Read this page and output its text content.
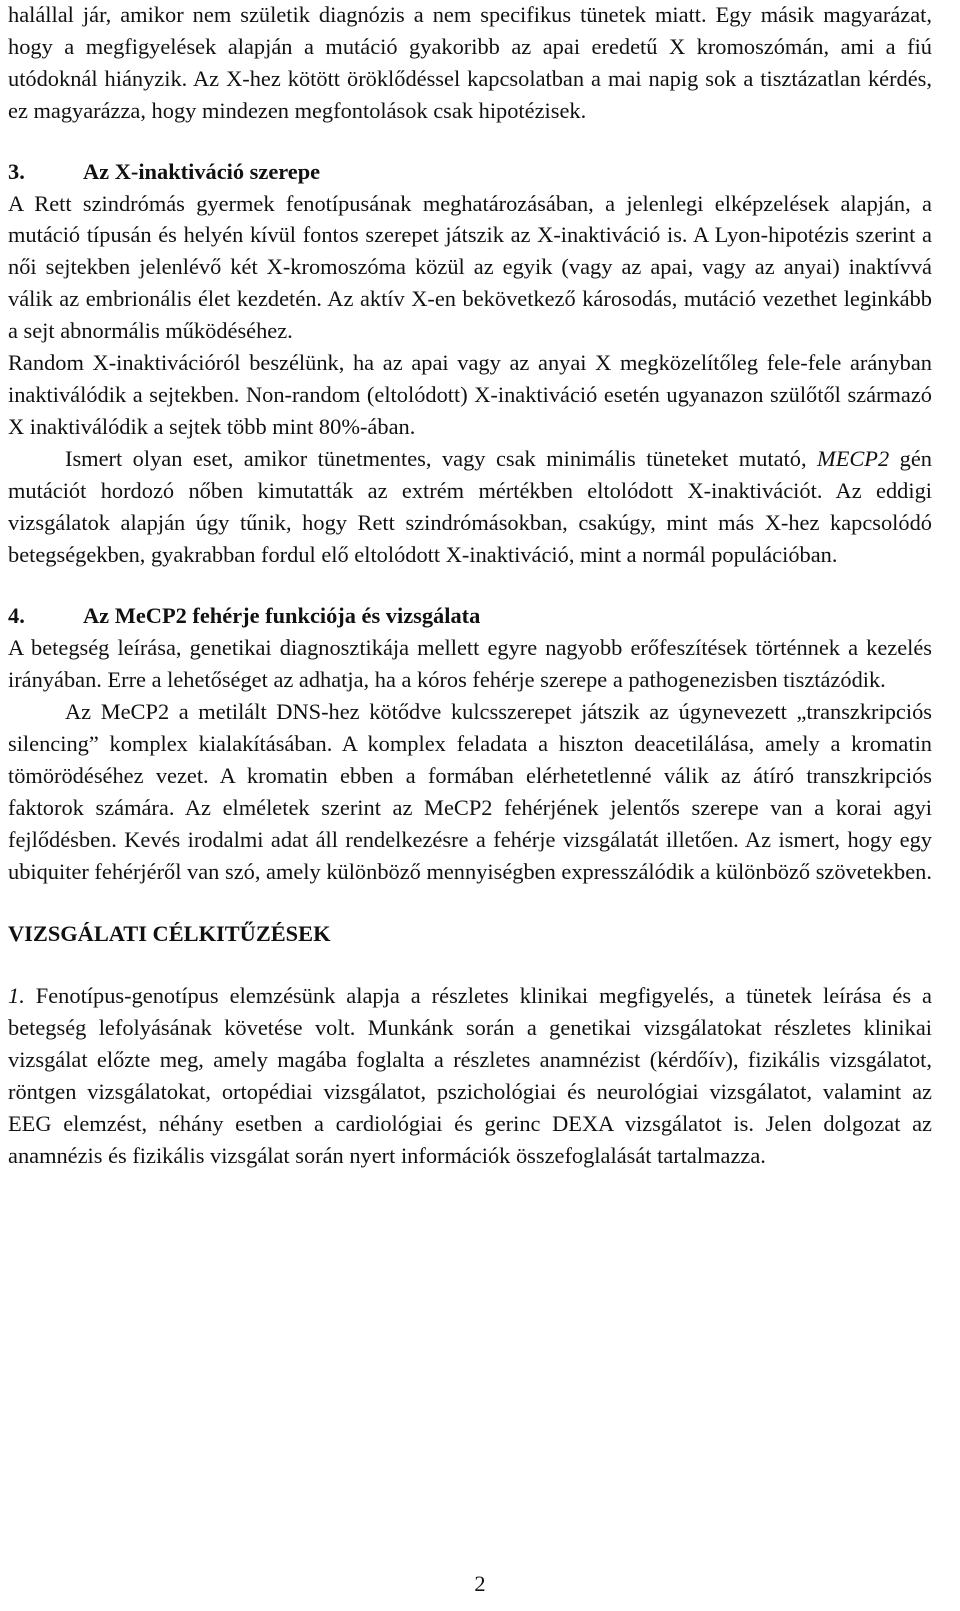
halállal jár, amikor nem születik diagnózis a nem specifikus tünetek miatt. Egy másik magyarázat, hogy a megfigyelések alapján a mutáció gyakoribb az apai eredetű X kromoszómán, ami a fiú utódoknál hiányzik. Az X-hez kötött öröklődéssel kapcsolatban a mai napig sok a tisztázatlan kérdés, ez magyarázza, hogy mindezen megfontolások csak hipotézisek.

3.	Az X-inaktiváció szerepe

A Rett szindrómás gyermek fenotípusának meghatározásában, a jelenlegi elképzelések alapján, a mutáció típusán és helyén kívül fontos szerepet játszik az X-inaktiváció is. A Lyon-hipotézis szerint a női sejtekben jelenlévő két X-kromoszóma közül az egyik (vagy az apai, vagy az anyai) inaktívvá válik az embrionális élet kezdetén. Az aktív X-en bekövetkező károsodás, mutáció vezethet leginkább a sejt abnormális működéséhez.

Random X-inaktivációról beszélünk, ha az apai vagy az anyai X megközelítőleg fele-fele arányban inaktiválódik a sejtekben. Non-random (eltolódott) X-inaktiváció esetén ugyanazon szülőtől származó X inaktiválódik a sejtek több mint 80%-ában.

Ismert olyan eset, amikor tünetmentes, vagy csak minimális tüneteket mutató, MECP2 gén mutációt hordozó nőben kimutatták az extrém mértékben eltolódott X-inaktivációt. Az eddigi vizsgálatok alapján úgy tűnik, hogy Rett szindrómásokban, csakúgy, mint más X-hez kapcsolódó betegségekben, gyakrabban fordul elő eltolódott X-inaktiváció, mint a normál populációban.

4.	Az MeCP2 fehérje funkciója és vizsgálata

A betegség leírása, genetikai diagnosztikája mellett egyre nagyobb erőfeszítések történnek a kezelés irányában. Erre a lehetőséget az adhatja, ha a kóros fehérje szerepe a pathogenezisben tisztázódik.

Az MeCP2 a metilált DNS-hez kötődve kulcsszerepet játszik az úgynevezett „transzkripciós silencing” komplex kialakításában. A komplex feladata a hiszton deacetilálása, amely a kromatin tömörödéséhez vezet. A kromatin ebben a formában elérhetetlenné válik az átíró transzkripciós faktorok számára. Az elméletek szerint az MeCP2 fehérjének jelentős szerepe van a korai agyi fejlődésben. Kevés irodalmi adat áll rendelkezésre a fehérje vizsgálatát illetően. Az ismert, hogy egy ubiquiter fehérjéről van szó, amely különböző mennyiségben expresszálódik a különböző szövetekben.

VIZSGÁLATI CÉLKITŰZÉSEK

1. Fenotípus-genotípus elemzésünk alapja a részletes klinikai megfigyelés, a tünetek leírása és a betegség lefolyásának követése volt. Munkánk során a genetikai vizsgálatokat részletes klinikai vizsgálat előzte meg, amely magába foglalta a részletes anamnézist (kérdőív), fizikális vizsgálatot, röntgen vizsgálatokat, ortopédiai vizsgálatot, pszichológiai és neurológiai vizsgálatot, valamint az EEG elemzést, néhány esetben a cardiológiai és gerinc DEXA vizsgálatot is. Jelen dolgozat az anamnézis és fizikális vizsgálat során nyert információk összefoglalását tartalmazza.

2
